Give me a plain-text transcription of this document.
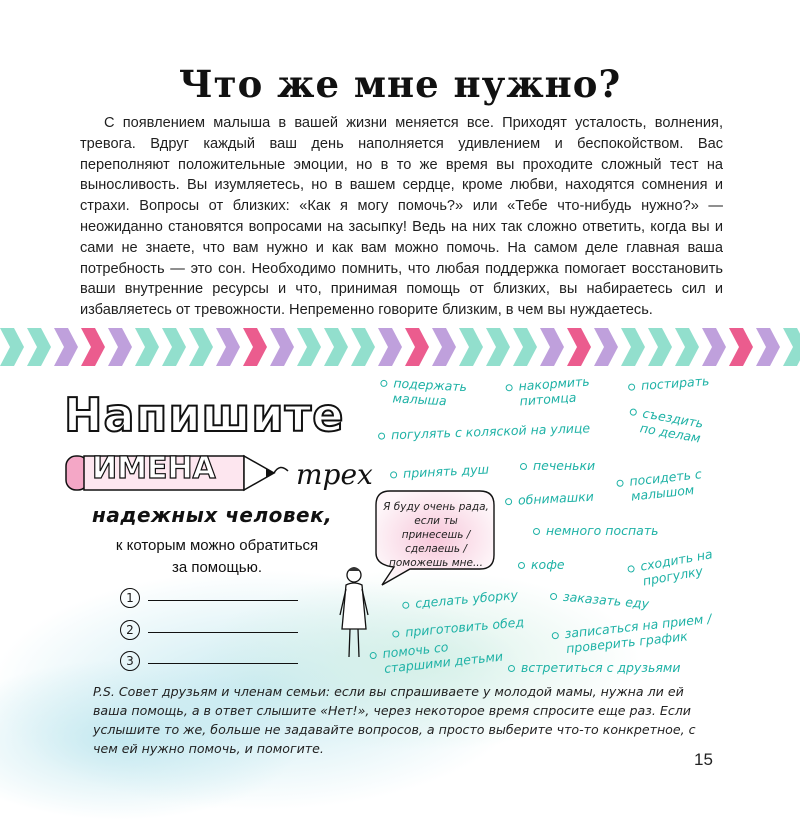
Что же мне нужно?
С появлением малыша в вашей жизни меняется все. Приходят усталость, волнения, тревога. Вдруг каждый ваш день наполняется удивлением и беспокойством. Вас переполняют положительные эмоции, но в то же время вы проходите сложный тест на выносливость. Вы изумляетесь, но в вашем сердце, кроме любви, находятся сомнения и страхи. Вопросы от близких: «Как я могу помочь?» или «Тебе что-нибудь нужно?» — неожиданно становятся вопросами на засыпку! Ведь на них так сложно ответить, когда вы и сами не знаете, что вам нужно и как вам можно помочь. На самом деле главная ваша потребность — это сон. Необходимо помнить, что любая поддержка помогает восстановить ваши внутренние ресурсы и что, принимая помощь от близких, вы набираетесь сил и избавляетесь от тревожности. Непременно говорите близким, в чем вы нуждаетесь.
Напишите
ИМЕНА	трех
надежных человек,
к которым можно обратиться за помощью.
1
2
3
Я буду очень рада, если ты принесешь / сделаешь / поможешь мне...
подержать малыша
накормить питомца
постирать
съездить по делам
погулять с коляской на улице
печеньки
принять душ	посидеть с малышом
обнимашки
немного поспать
кофе	сходить на прогулку
сделать уборку	заказать еду
приготовить обед	записаться на прием / проверить график
помочь со старшими детьми	встретиться с друзьями
P.S. Совет друзьям и членам семьи: если вы спрашиваете у молодой мамы, нужна ли ей ваша помощь, а в ответ слышите «Нет!», через некоторое время спросите еще раз. Если услышите то же, больше не задавайте вопросов, а просто выберите что-то конкретное, с чем ей нужно помочь, и помогите.
15
